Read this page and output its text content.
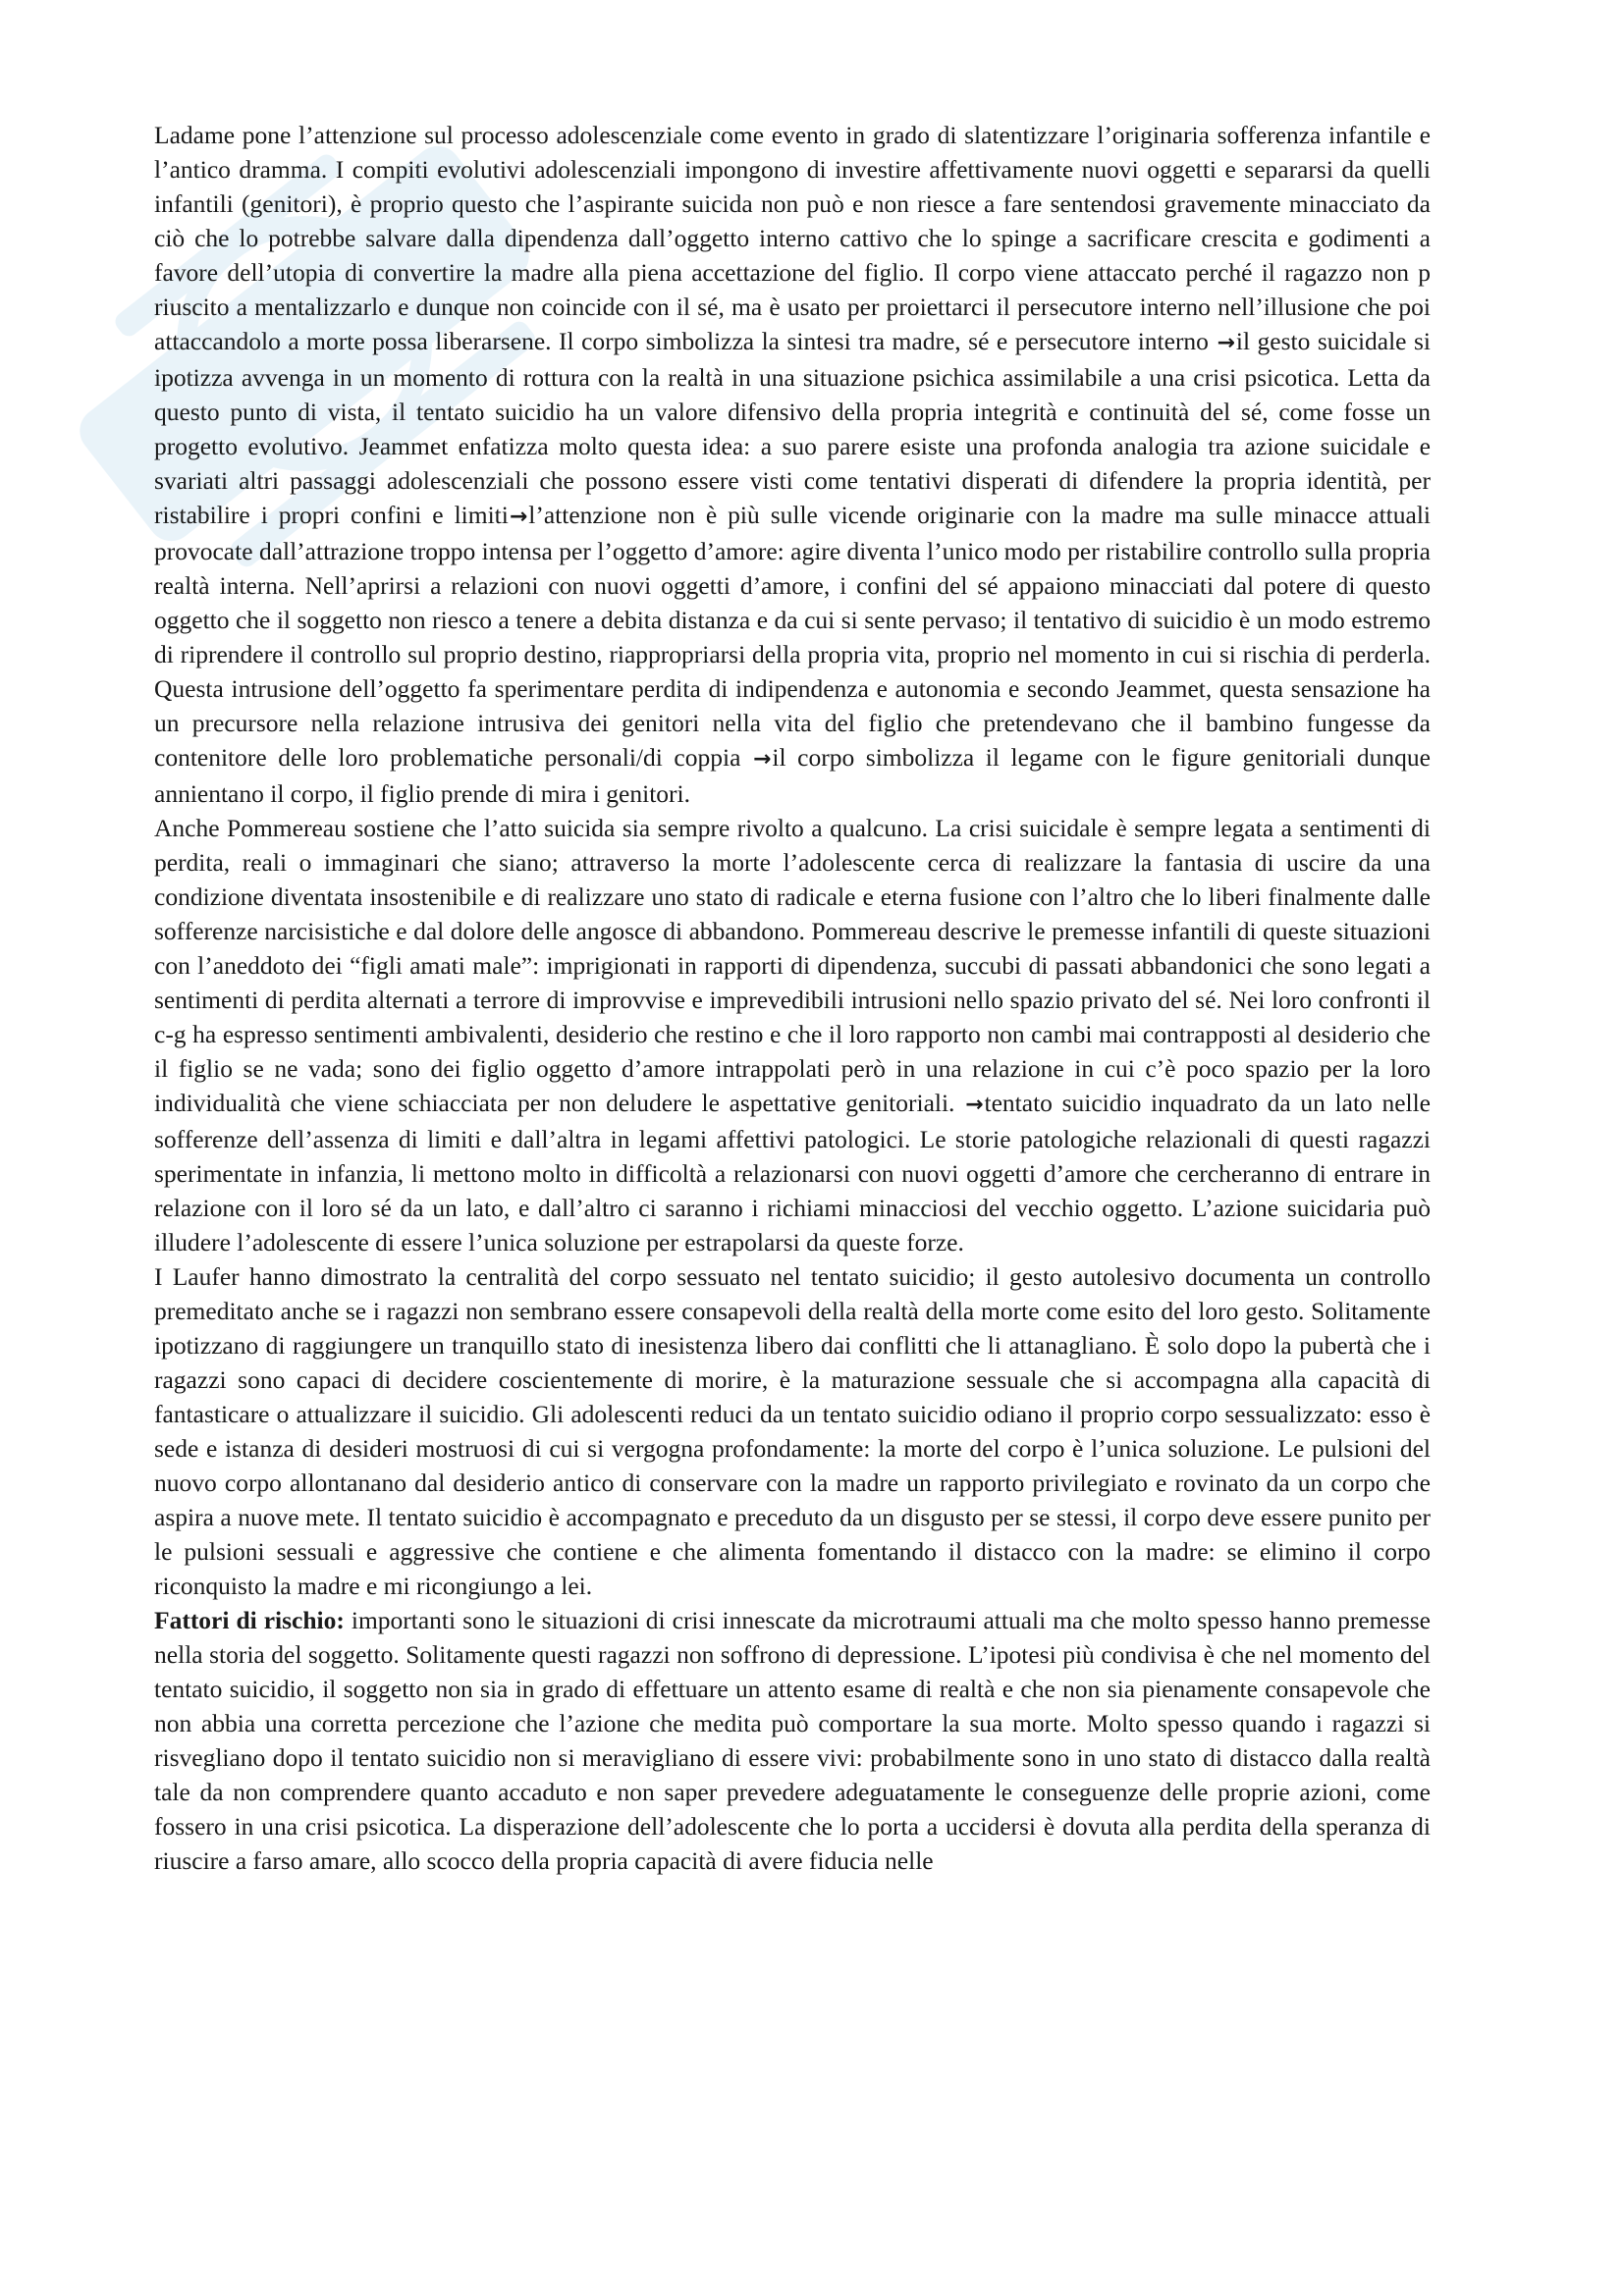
Ladame pone l’attenzione sul processo adolescenziale come evento in grado di slatentizzare l’originaria sofferenza infantile e l’antico dramma. I compiti evolutivi adolescenziali impongono di investire affettivamente nuovi oggetti e separarsi da quelli infantili (genitori), è proprio questo che l’aspirante suicida non può e non riesce a fare sentendosi gravemente minacciato da ciò che lo potrebbe salvare dalla dipendenza dall’oggetto interno cattivo che lo spinge a sacrificare crescita e godimenti a favore dell’utopia di convertire la madre alla piena accettazione del figlio. Il corpo viene attaccato perché il ragazzo non p riuscito a mentalizzarlo e dunque non coincide con il sé, ma è usato per proiettarci il persecutore interno nell’illusione che poi attaccandolo a morte possa liberarsene. Il corpo simbolizza la sintesi tra madre, sé e persecutore interno →il gesto suicidale si ipotizza avvenga in un momento di rottura con la realtà in una situazione psichica assimilabile a una crisi psicotica. Letta da questo punto di vista, il tentato suicidio ha un valore difensivo della propria integrità e continuità del sé, come fosse un progetto evolutivo. Jeammet enfatizza molto questa idea: a suo parere esiste una profonda analogia tra azione suicidale e svariati altri passaggi adolescenziali che possono essere visti come tentativi disperati di difendere la propria identità, per ristabilire i propri confini e limiti→l’attenzione non è più sulle vicende originarie con la madre ma sulle minacce attuali provocate dall’attrazione troppo intensa per l’oggetto d’amore: agire diventa l’unico modo per ristabilire controllo sulla propria realtà interna. Nell’aprirsi a relazioni con nuovi oggetti d’amore, i confini del sé appaiono minacciati dal potere di questo oggetto che il soggetto non riesco a tenere a debita distanza e da cui si sente pervaso; il tentativo di suicidio è un modo estremo di riprendere il controllo sul proprio destino, riappropriarsi della propria vita, proprio nel momento in cui si rischia di perderla. Questa intrusione dell’oggetto fa sperimentare perdita di indipendenza e autonomia e secondo Jeammet, questa sensazione ha un precursore nella relazione intrusiva dei genitori nella vita del figlio che pretendevano che il bambino fungesse da contenitore delle loro problematiche personali/di coppia →il corpo simbolizza il legame con le figure genitoriali dunque annientano il corpo, il figlio prende di mira i genitori.

Anche Pommereau sostiene che l’atto suicida sia sempre rivolto a qualcuno. La crisi suicidale è sempre legata a sentimenti di perdita, reali o immaginari che siano; attraverso la morte l’adolescente cerca di realizzare la fantasia di uscire da una condizione diventata insostenibile e di realizzare uno stato di radicale e eterna fusione con l’altro che lo liberi finalmente dalle sofferenze narcisistiche e dal dolore delle angosce di abbandono. Pommereau descrive le premesse infantili di queste situazioni con l’aneddoto dei “figli amati male”: imprigionati in rapporti di dipendenza, succubi di passati abbandonici che sono legati a sentimenti di perdita alternati a terrore di improvvise e imprevedibili intrusioni nello spazio privato del sé. Nei loro confronti il c-g ha espresso sentimenti ambivalenti, desiderio che restino e che il loro rapporto non cambi mai contrapposti al desiderio che il figlio se ne vada; sono dei figlio oggetto d’amore intrappolati però in una relazione in cui c’è poco spazio per la loro individualità che viene schiacciata per non deludere le aspettative genitoriali. →tentato suicidio inquadrato da un lato nelle sofferenze dell’assenza di limiti e dall’altra in legami affettivi patologici. Le storie patologiche relazionali di questi ragazzi sperimentate in infanzia, li mettono molto in difficoltà a relazionarsi con nuovi oggetti d’amore che cercheranno di entrare in relazione con il loro sé da un lato, e dall’altro ci saranno i richiami minacciosi del vecchio oggetto. L’azione suicidaria può illudere l’adolescente di essere l’unica soluzione per estrapolarsi da queste forze.

I Laufer hanno dimostrato la centralità del corpo sessuato nel tentato suicidio; il gesto autolesivo documenta un controllo premeditato anche se i ragazzi non sembrano essere consapevoli della realtà della morte come esito del loro gesto. Solitamente ipotizzano di raggiungere un tranquillo stato di inesistenza libero dai conflitti che li attanagliano. È solo dopo la pubertà che i ragazzi sono capaci di decidere coscientemente di morire, è la maturazione sessuale che si accompagna alla capacità di fantasticare o attualizzare il suicidio. Gli adolescenti reduci da un tentato suicidio odiano il proprio corpo sessualizzato: esso è sede e istanza di desideri mostruosi di cui si vergogna profondamente: la morte del corpo è l’unica soluzione. Le pulsioni del nuovo corpo allontanano dal desiderio antico di conservare con la madre un rapporto privilegiato e rovinato da un corpo che aspira a nuove mete. Il tentato suicidio è accompagnato e preceduto da un disgusto per se stessi, il corpo deve essere punito per le pulsioni sessuali e aggressive che contiene e che alimenta fomentando il distacco con la madre: se elimino il corpo riconquisto la madre e mi ricongiungo a lei.

Fattori di rischio: importanti sono le situazioni di crisi innescate da microtraumi attuali ma che molto spesso hanno premesse nella storia del soggetto. Solitamente questi ragazzi non soffrono di depressione. L’ipotesi più condivisa è che nel momento del tentato suicidio, il soggetto non sia in grado di effettuare un attento esame di realtà e che non sia pienamente consapevole che non abbia una corretta percezione che l’azione che medita può comportare la sua morte. Molto spesso quando i ragazzi si risvegliano dopo il tentato suicidio non si meravigliano di essere vivi: probabilmente sono in uno stato di distacco dalla realtà tale da non comprendere quanto accaduto e non saper prevedere adeguatamente le conseguenze delle proprie azioni, come fossero in una crisi psicotica. La disperazione dell’adolescente che lo porta a uccidersi è dovuta alla perdita della speranza di riuscire a farso amare, allo scocco della propria capacità di avere fiducia nelle
